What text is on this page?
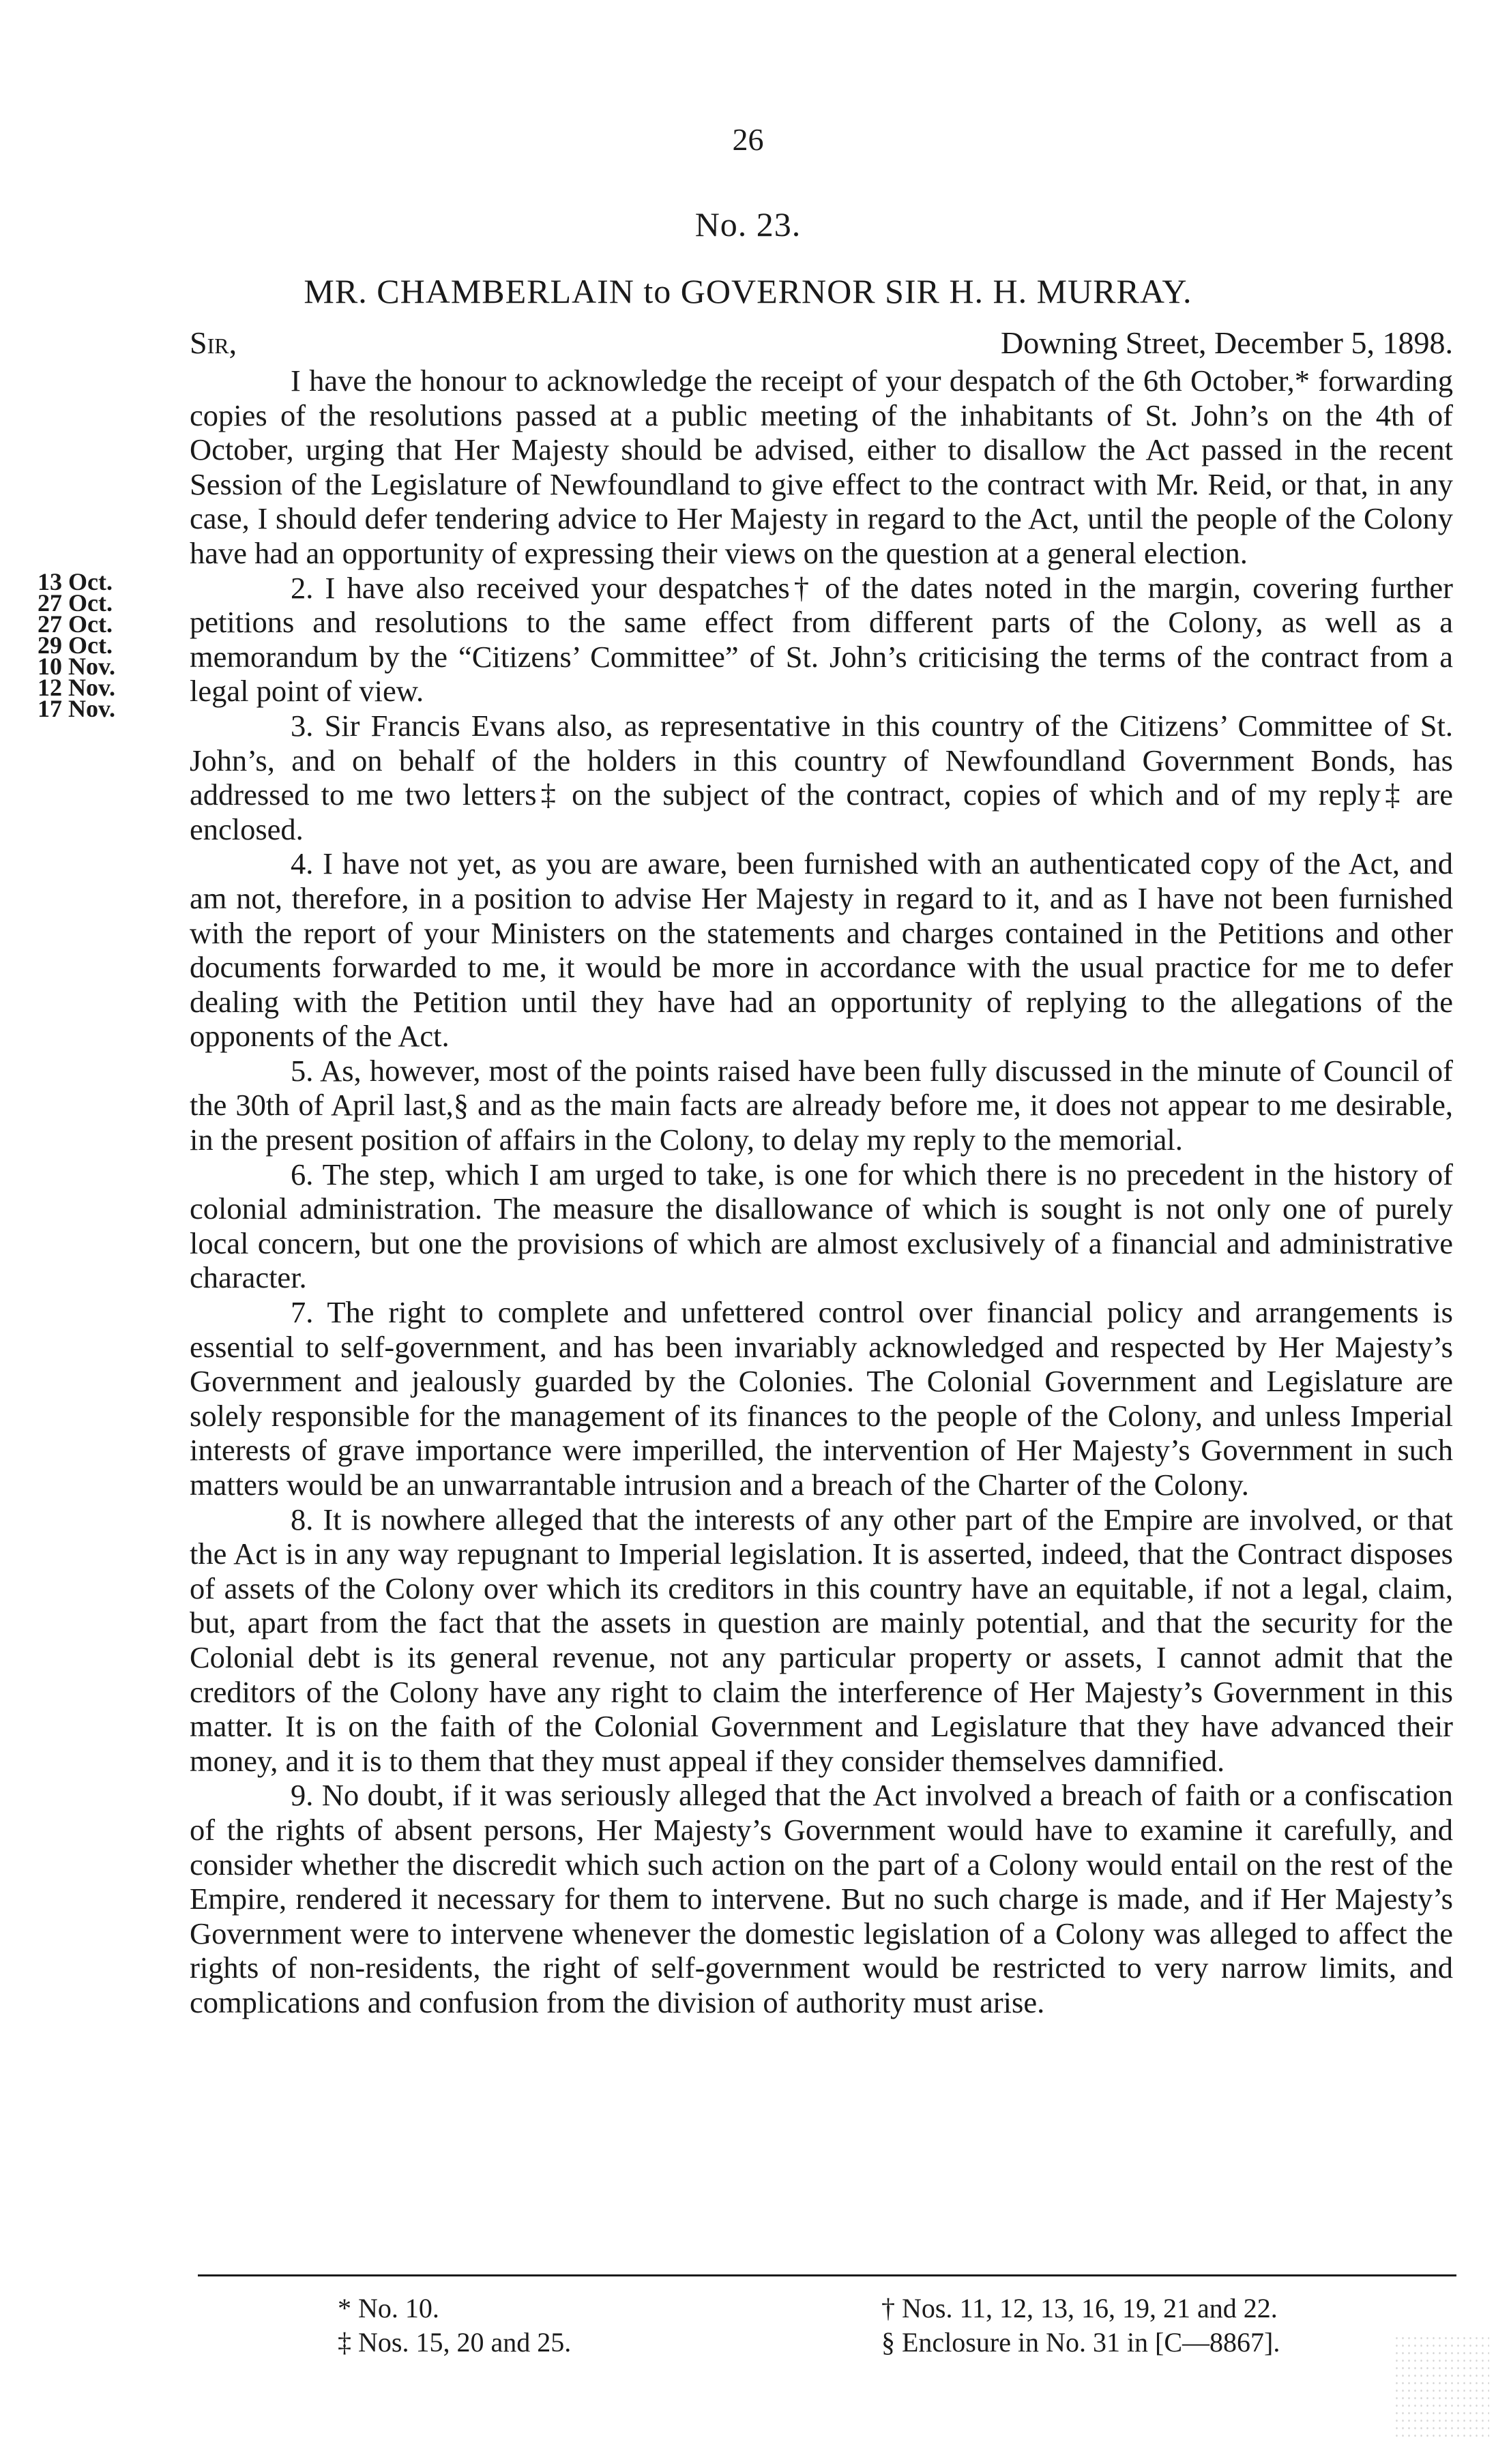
26
No. 23.
MR. CHAMBERLAIN to GOVERNOR SIR H. H. MURRAY.
Sir,	Downing Street, December 5, 1898.
13 Oct.
27 Oct.
27 Oct.
29 Oct.
10 Nov.
12 Nov.
17 Nov.

I have the honour to acknowledge the receipt of your despatch of the 6th October,* forwarding copies of the resolutions passed at a public meeting of the inhabitants of St. John’s on the 4th of October, urging that Her Majesty should be advised, either to disallow the Act passed in the recent Session of the Legislature of Newfoundland to give effect to the contract with Mr. Reid, or that, in any case, I should defer tendering advice to Her Majesty in regard to the Act, until the people of the Colony have had an opportunity of expressing their views on the question at a general election.

2. I have also received your despatches† of the dates noted in the margin, covering further petitions and resolutions to the same effect from different parts of the Colony, as well as a memorandum by the “Citizens’ Committee” of St. John’s criticising the terms of the contract from a legal point of view.

3. Sir Francis Evans also, as representative in this country of the Citizens’ Committee of St. John’s, and on behalf of the holders in this country of Newfoundland Government Bonds, has addressed to me two letters‡ on the subject of the contract, copies of which and of my reply‡ are enclosed.

4. I have not yet, as you are aware, been furnished with an authenticated copy of the Act, and am not, therefore, in a position to advise Her Majesty in regard to it, and as I have not been furnished with the report of your Ministers on the statements and charges contained in the Petitions and other documents forwarded to me, it would be more in accordance with the usual practice for me to defer dealing with the Petition until they have had an opportunity of replying to the allegations of the opponents of the Act.

5. As, however, most of the points raised have been fully discussed in the minute of Council of the 30th of April last,§ and as the main facts are already before me, it does not appear to me desirable, in the present position of affairs in the Colony, to delay my reply to the memorial.

6. The step, which I am urged to take, is one for which there is no precedent in the history of colonial administration. The measure the disallowance of which is sought is not only one of purely local concern, but one the provisions of which are almost exclusively of a financial and administrative character.

7. The right to complete and unfettered control over financial policy and arrangements is essential to self-government, and has been invariably acknowledged and respected by Her Majesty’s Government and jealously guarded by the Colonies. The Colonial Government and Legislature are solely responsible for the management of its finances to the people of the Colony, and unless Imperial interests of grave importance were imperilled, the intervention of Her Majesty’s Government in such matters would be an unwarrantable intrusion and a breach of the Charter of the Colony.

8. It is nowhere alleged that the interests of any other part of the Empire are involved, or that the Act is in any way repugnant to Imperial legislation. It is asserted, indeed, that the Contract disposes of assets of the Colony over which its creditors in this country have an equitable, if not a legal, claim, but, apart from the fact that the assets in question are mainly potential, and that the security for the Colonial debt is its general revenue, not any particular property or assets, I cannot admit that the creditors of the Colony have any right to claim the interference of Her Majesty’s Government in this matter. It is on the faith of the Colonial Government and Legislature that they have advanced their money, and it is to them that they must appeal if they consider themselves damnified.

9. No doubt, if it was seriously alleged that the Act involved a breach of faith or a confiscation of the rights of absent persons, Her Majesty’s Government would have to examine it carefully, and consider whether the discredit which such action on the part of a Colony would entail on the rest of the Empire, rendered it necessary for them to intervene. But no such charge is made, and if Her Majesty’s Government were to intervene whenever the domestic legislation of a Colony was alleged to affect the rights of non-residents, the right of self-government would be restricted to very narrow limits, and complications and confusion from the division of authority must arise.

* No. 10.	† Nos. 11, 12, 13, 16, 19, 21 and 22.
‡ Nos. 15, 20 and 25.	§ Enclosure in No. 31 in [C—8867].
